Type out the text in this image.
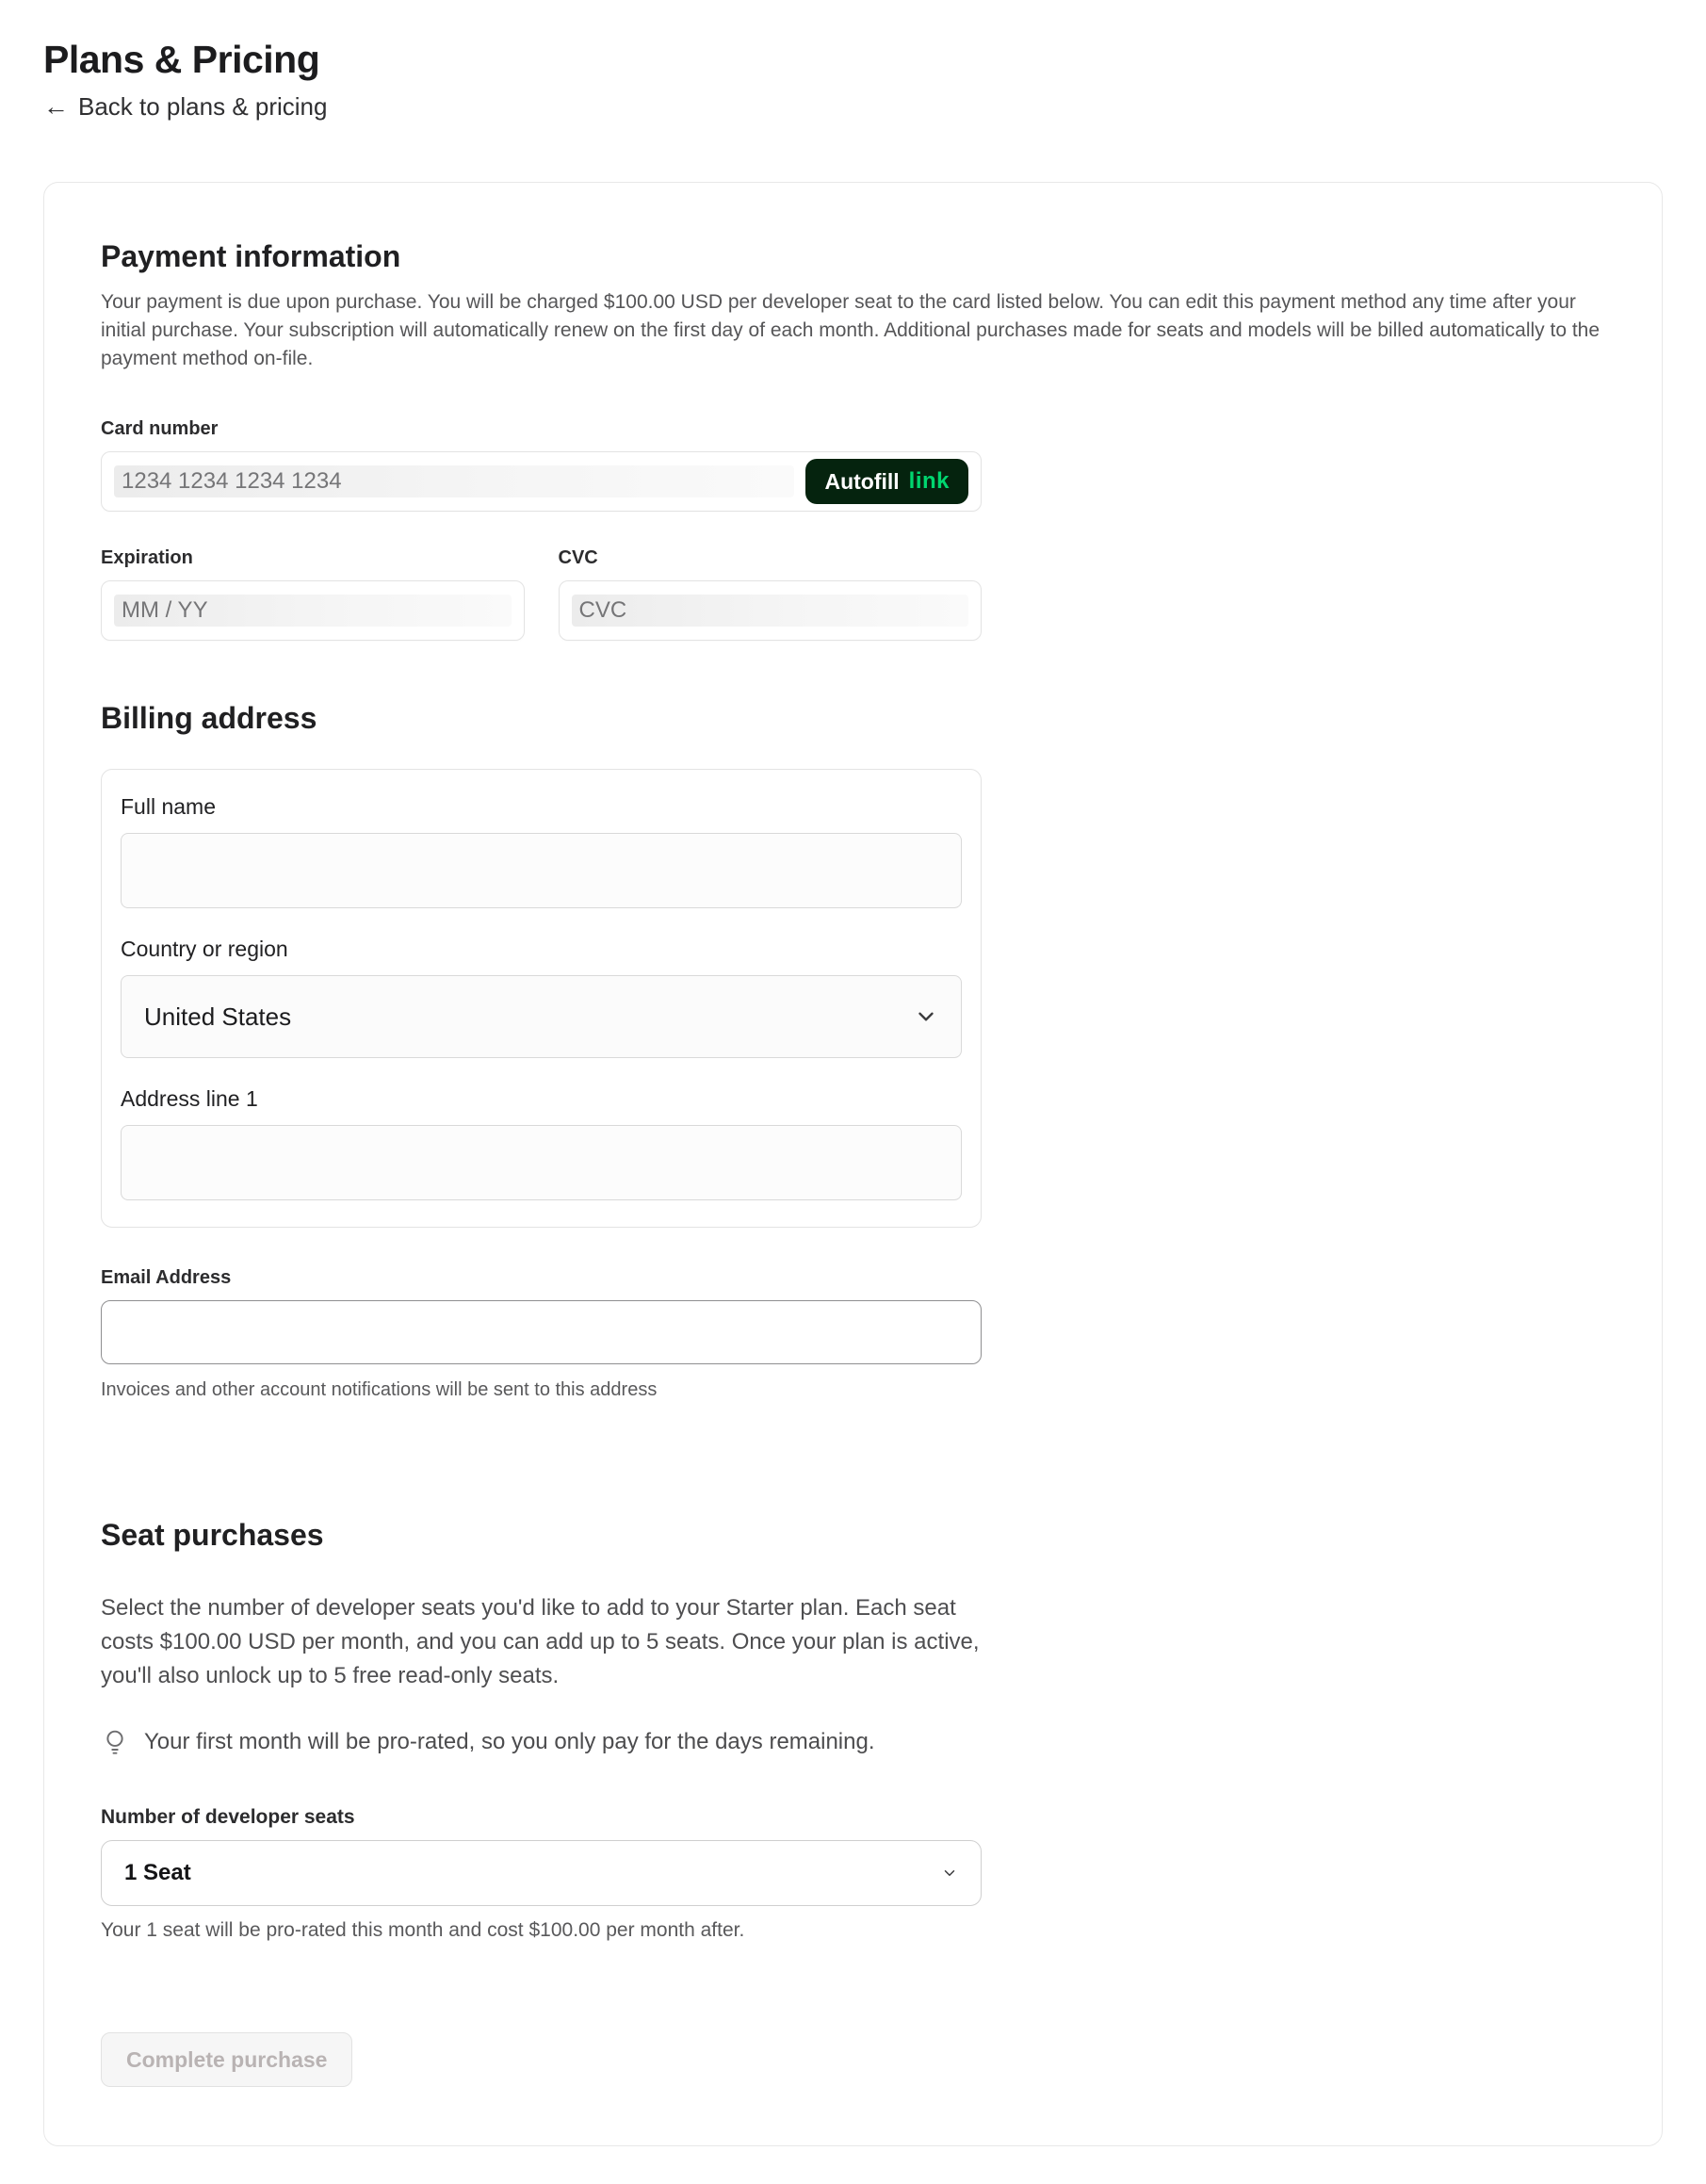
Plans & Pricing
← Back to plans & pricing
Payment information

Your payment is due upon purchase. You will be charged $100.00 USD per developer seat to the card listed below. You can edit this payment method any time after your initial purchase. Your subscription will automatically renew on the first day of each month. Additional purchases made for seats and models will be billed automatically to the payment method on-file.

Card number
1234 1234 1234 1234	Autofill link
Expiration
MM / YY
CVC
CVC
Billing address
Full name
Country or region
United States
Address line 1
Email Address
Invoices and other account notifications will be sent to this address
Seat purchases

Select the number of developer seats you'd like to add to your Starter plan. Each seat costs $100.00 USD per month, and you can add up to 5 seats. Once your plan is active, you'll also unlock up to 5 free read-only seats.

Your first month will be pro-rated, so you only pay for the days remaining.
Number of developer seats
1 Seat
Your 1 seat will be pro-rated this month and cost $100.00 per month after.
Complete purchase
